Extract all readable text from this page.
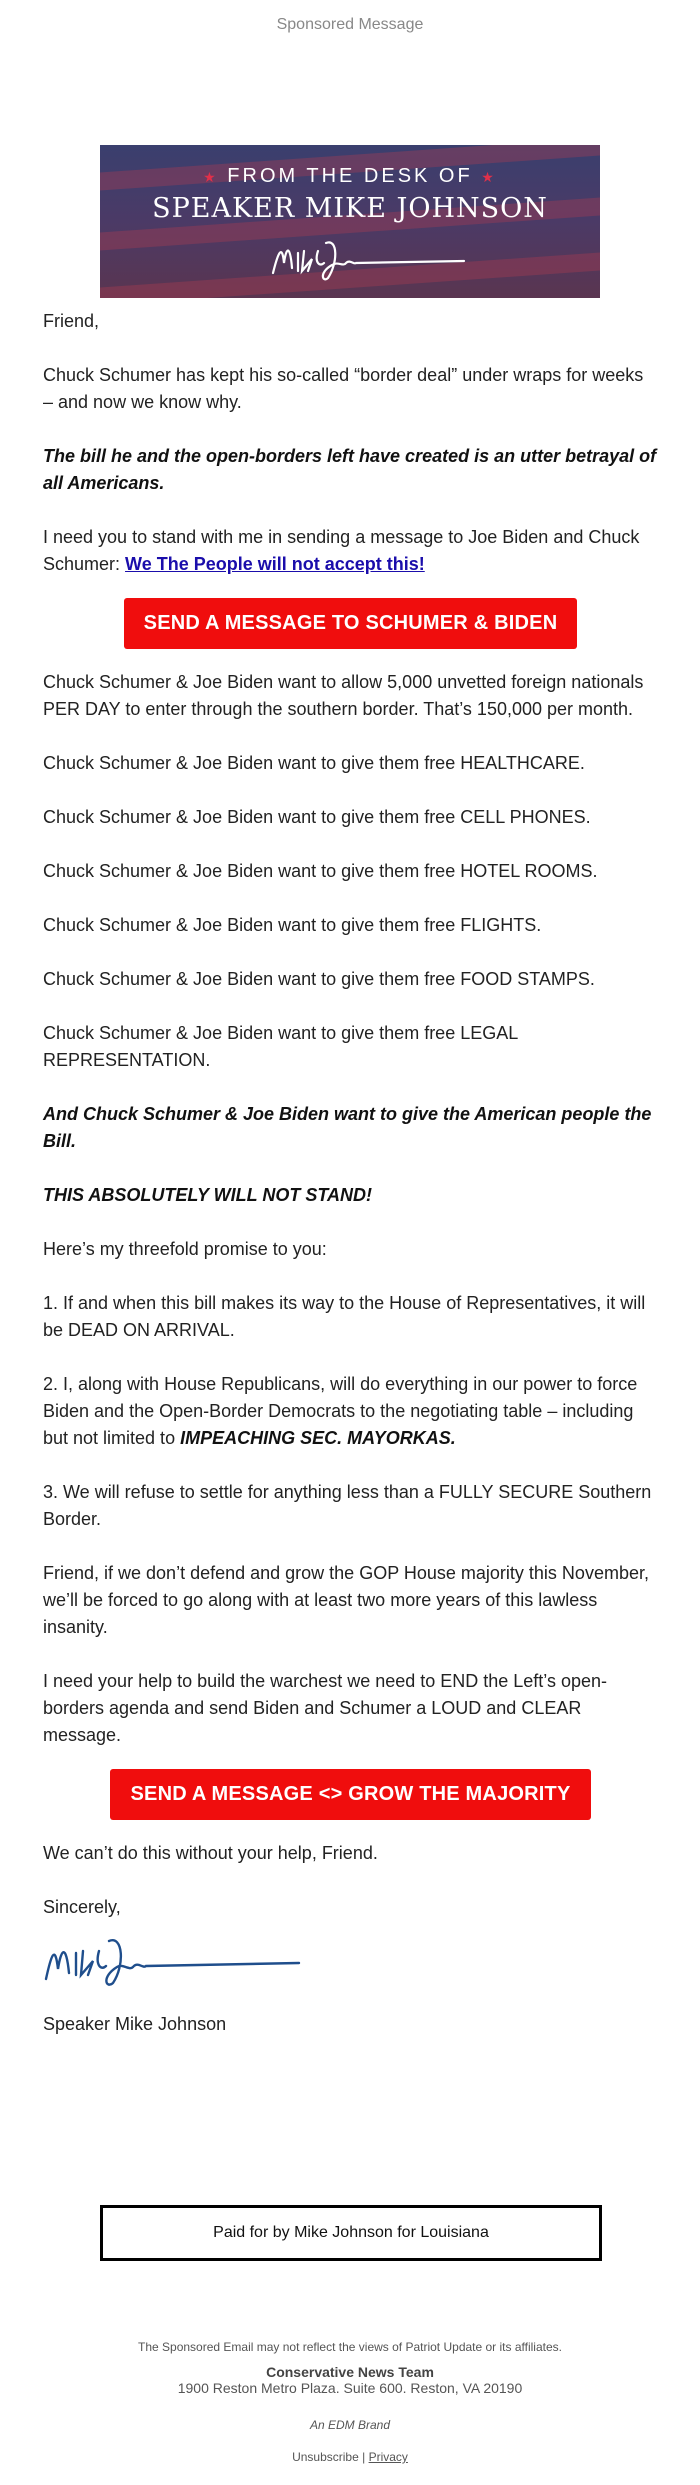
Sponsored Message
★ FROM THE DESK OF ★
SPEAKER MIKE JOHNSON

Friend,

Chuck Schumer has kept his so-called “border deal” under wraps for weeks – and now we know why.

The bill he and the open-borders left have created is an utter betrayal of all Americans.

I need you to stand with me in sending a message to Joe Biden and Chuck Schumer: We The People will not accept this!

SEND A MESSAGE TO SCHUMER & BIDEN

Chuck Schumer & Joe Biden want to allow 5,000 unvetted foreign nationals PER DAY to enter through the southern border. That’s 150,000 per month.

Chuck Schumer & Joe Biden want to give them free HEALTHCARE.

Chuck Schumer & Joe Biden want to give them free CELL PHONES.

Chuck Schumer & Joe Biden want to give them free HOTEL ROOMS.

Chuck Schumer & Joe Biden want to give them free FLIGHTS.

Chuck Schumer & Joe Biden want to give them free FOOD STAMPS.

Chuck Schumer & Joe Biden want to give them free LEGAL REPRESENTATION.

And Chuck Schumer & Joe Biden want to give the American people the Bill.

THIS ABSOLUTELY WILL NOT STAND!

Here’s my threefold promise to you:

1. If and when this bill makes its way to the House of Representatives, it will be DEAD ON ARRIVAL.

2. I, along with House Republicans, will do everything in our power to force Biden and the Open-Border Democrats to the negotiating table – including but not limited to IMPEACHING SEC. MAYORKAS.

3. We will refuse to settle for anything less than a FULLY SECURE Southern Border.

Friend, if we don’t defend and grow the GOP House majority this November, we’ll be forced to go along with at least two more years of this lawless insanity.

I need your help to build the warchest we need to END the Left’s open-borders agenda and send Biden and Schumer a LOUD and CLEAR message.

SEND A MESSAGE <> GROW THE MAJORITY

We can’t do this without your help, Friend.

Sincerely,

Speaker Mike Johnson

Paid for by Mike Johnson for Louisiana
The Sponsored Email may not reflect the views of Patriot Update or its affiliates.
Conservative News Team
1900 Reston Metro Plaza. Suite 600. Reston, VA 20190
An EDM Brand
Unsubscribe | Privacy
